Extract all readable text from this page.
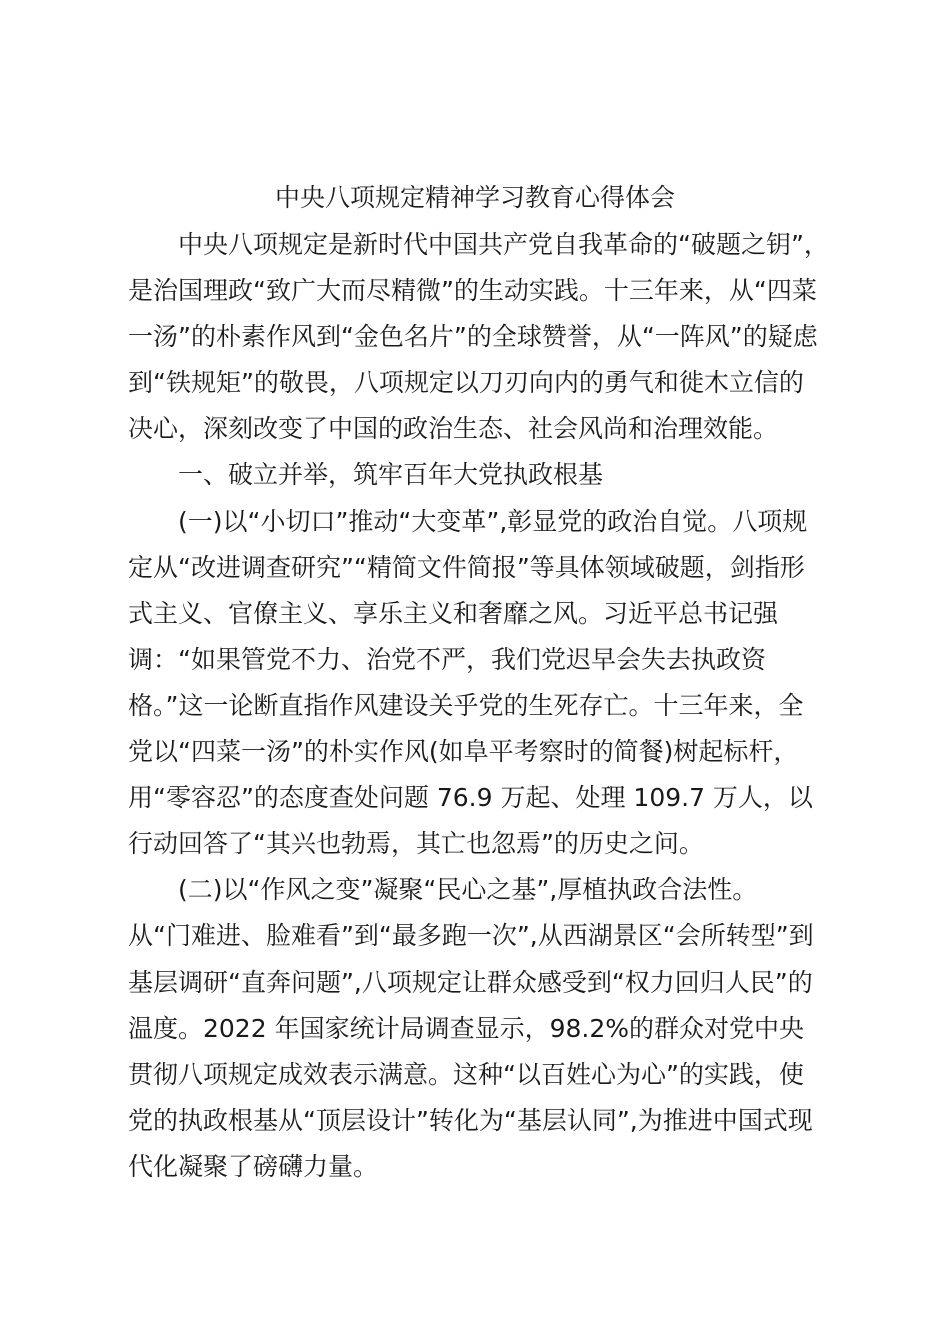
中央八项规定精神学习教育心得体会
中央八项规定是新时代中国共产党自我革命的“破题之钥”，
是治国理政“致广大而尽精微”的生动实践。十三年来，从“四菜
一汤”的朴素作风到“金色名片”的全球赞誉，从“一阵风”的疑虑
到“铁规矩”的敬畏，八项规定以刀刃向内的勇气和徙木立信的
决心，深刻改变了中国的政治生态、社会风尚和治理效能。
一、破立并举，筑牢百年大党执政根基
(一)以“小切口”推动“大变革”,彰显党的政治自觉。八项规
定从“改进调查研究”“精简文件简报”等具体领域破题，剑指形
式主义、官僚主义、享乐主义和奢靡之风。习近平总书记强
调：“如果管党不力、治党不严，我们党迟早会失去执政资
格。”这一论断直指作风建设关乎党的生死存亡。十三年来，全
党以“四菜一汤”的朴实作风(如阜平考察时的简餐)树起标杆，
用“零容忍”的态度查处问题 76.9 万起、处理 109.7 万人，以
行动回答了“其兴也勃焉，其亡也忽焉”的历史之问。
(二)以“作风之变”凝聚“民心之基”,厚植执政合法性。
从“门难进、脸难看”到“最多跑一次”,从西湖景区“会所转型”到
基层调研“直奔问题”,八项规定让群众感受到“权力回归人民”的
温度。2022 年国家统计局调查显示，98.2%的群众对党中央
贯彻八项规定成效表示满意。这种“以百姓心为心”的实践，使
党的执政根基从“顶层设计”转化为“基层认同”,为推进中国式现
代化凝聚了磅礴力量。
